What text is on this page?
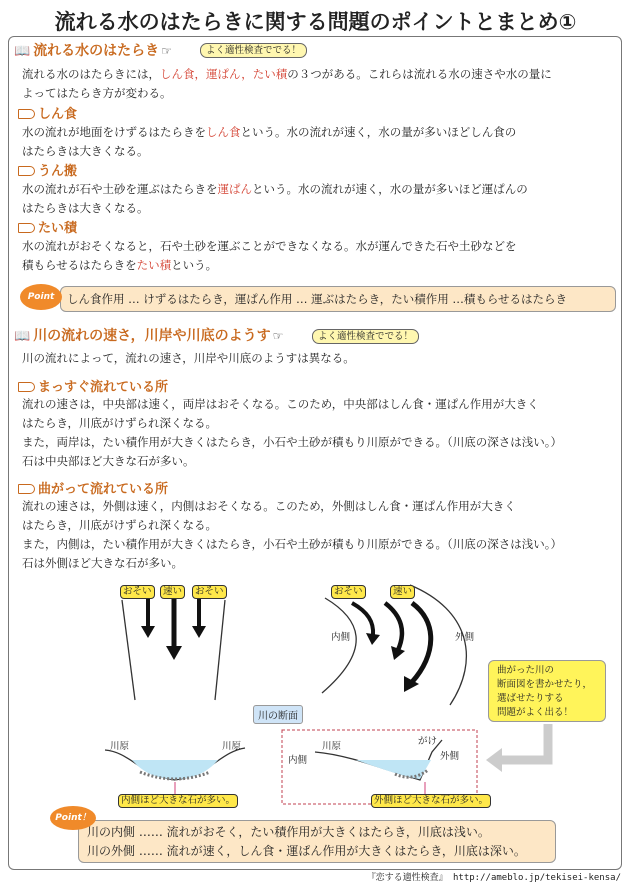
流れる水のはたらきに関する問題のポイントとまとめ①
📖 流れる水のはたらき ☞	よく適性検査ででる！
流れる水のはたらきには，しん食，運ぱん，たい積の３つがある。これらは流れる水の速さや水の量に
よってはたらき方が変わる。
しん食
水の流れが地面をけずるはたらきをしん食という。水の流れが速く，水の量が多いほどしん食の
はたらきは大きくなる。
うん搬
水の流れが石や土砂を運ぶはたらきを運ぱんという。水の流れが速く，水の量が多いほど運ぱんの
はたらきは大きくなる。
たい積
水の流れがおそくなると，石や土砂を運ぶことができなくなる。水が運んできた石や土砂などを
積もらせるはたらきをたい積という。
しん食作用 … けずるはたらき，運ぱん作用 … 運ぶはたらき，たい積作用 …積もらせるはたらき
Point
📖 川の流れの速さ，川岸や川底のようす ☞	よく適性検査ででる！
川の流れによって，流れの速さ，川岸や川底のようすは異なる。
まっすぐ流れている所
流れの速さは，中央部は速く，両岸はおそくなる。このため，中央部はしん食・運ぱん作用が大きく
はたらき，川底がけずられ深くなる。
また，両岸は，たい積作用が大きくはたらき，小石や土砂が積もり川原ができる。（川底の深さは浅い。）
石は中央部ほど大きな石が多い。
曲がって流れている所
流れの速さは，外側は速く，内側はおそくなる。このため，外側はしん食・運ぱん作用が大きく
はたらき，川底がけずられ深くなる。
また，内側は，たい積作用が大きくはたらき，小石や土砂が積もり川原ができる。（川底の深さは浅い。）
石は外側ほど大きな石が多い。
おそい	速い	おそい	おそい	速い
内側	外側
曲がった川の
断面図を書かせたり，
選ばせたりする
問題がよく出る！
川の断面
川原	川原
内側
川原	がけ
外側
内側ほど大きな石が多い。	外側ほど大きな石が多い。
川の内側 …… 流れがおそく，たい積作用が大きくはたらき，川底は浅い。
川の外側 …… 流れが速く，しん食・運ぱん作用が大きくはたらき，川底は深い。
Point！
『恋する適性検査』 http://ameblo.jp/tekisei-kensa/
